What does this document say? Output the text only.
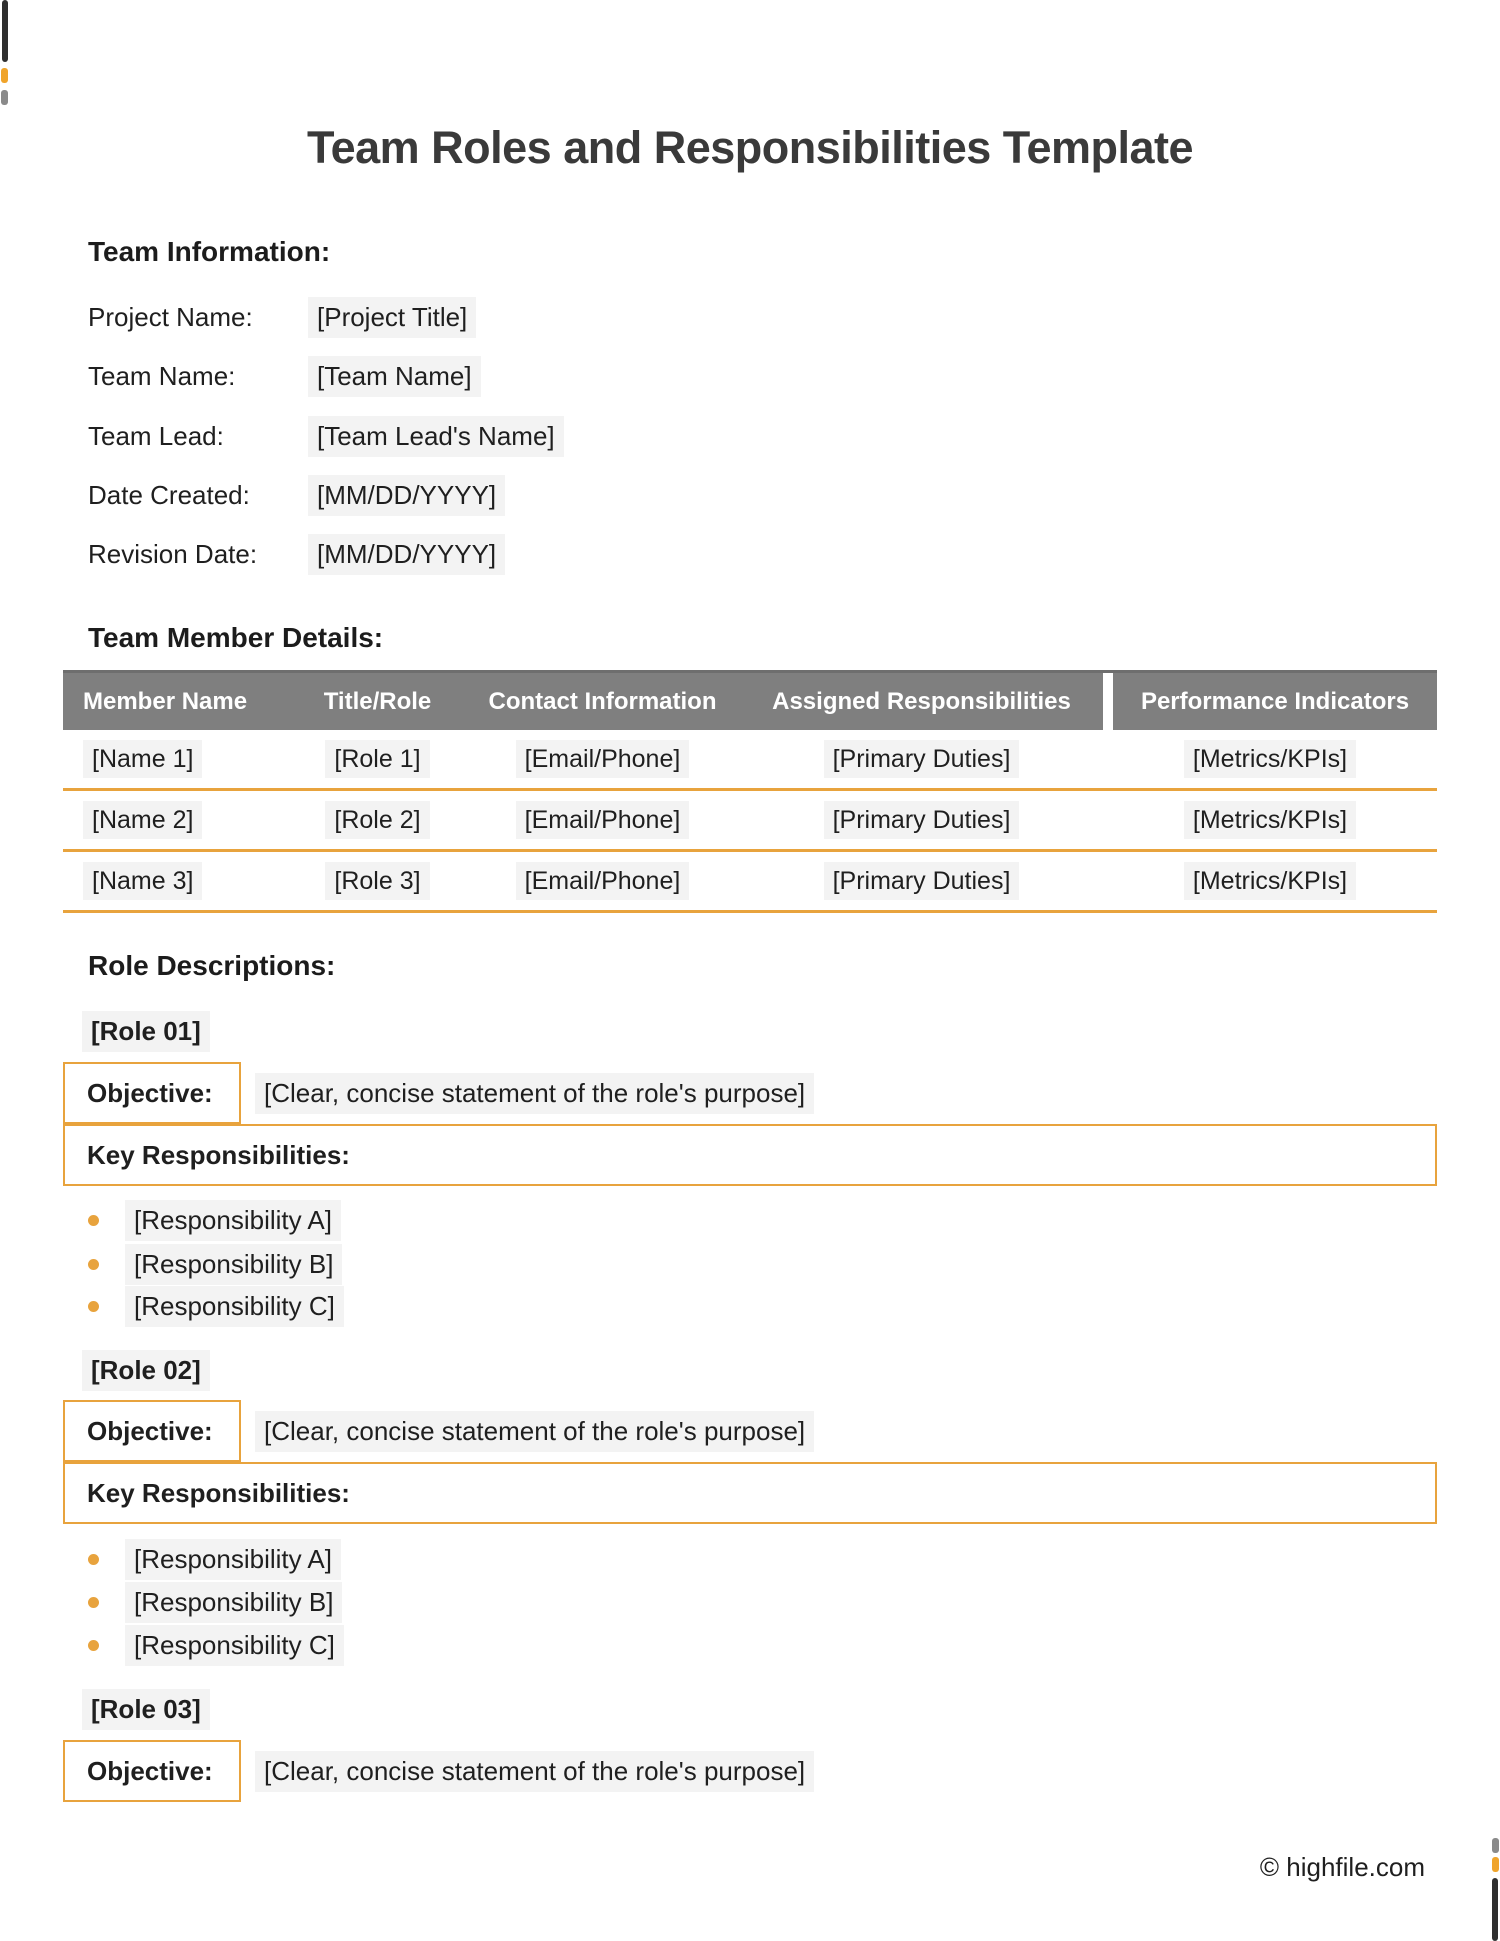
Team Roles and Responsibilities Template
Team Information:
Project Name:	[Project Title]
Team Name:	[Team Name]
Team Lead:	[Team Lead's Name]
Date Created:	[MM/DD/YYYY]
Revision Date:	[MM/DD/YYYY]
Team Member Details:
Member Name	Title/Role	Contact Information	Assigned Responsibilities	Performance Indicators
[Name 1]	[Role 1]	[Email/Phone]	[Primary Duties]	[Metrics/KPIs]
[Name 2]	[Role 2]	[Email/Phone]	[Primary Duties]	[Metrics/KPIs]
[Name 3]	[Role 3]	[Email/Phone]	[Primary Duties]	[Metrics/KPIs]
Role Descriptions:
[Role 01]
Objective:	[Clear, concise statement of the role's purpose]
Key Responsibilities:
[Responsibility A]
[Responsibility B]
[Responsibility C]
[Role 02]
Objective:	[Clear, concise statement of the role's purpose]
Key Responsibilities:
[Responsibility A]
[Responsibility B]
[Responsibility C]
[Role 03]
Objective:	[Clear, concise statement of the role's purpose]
© highfile.com
